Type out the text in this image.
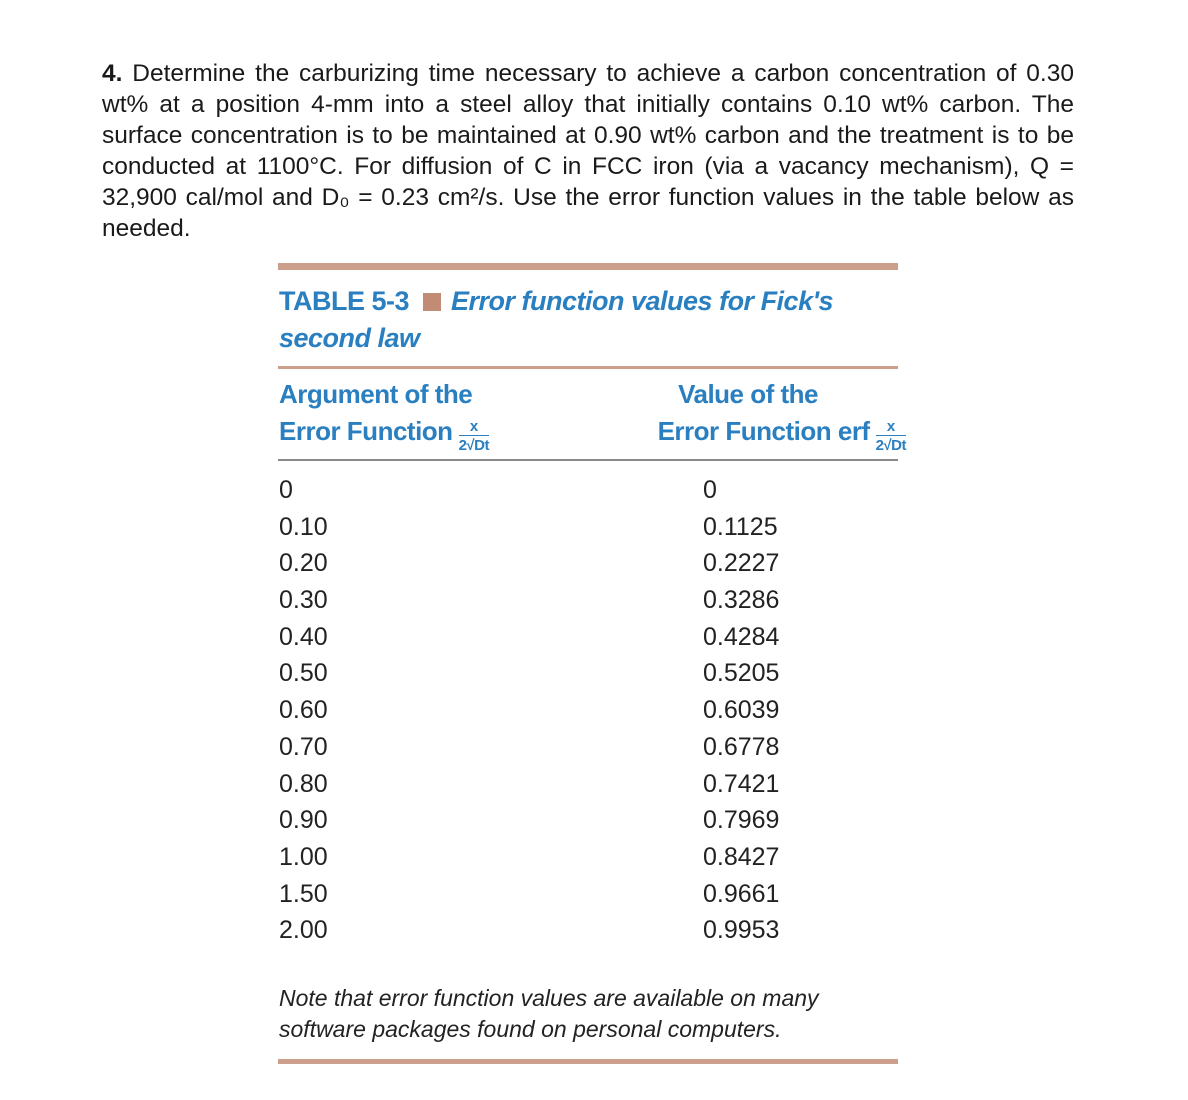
4. Determine the carburizing time necessary to achieve a carbon concentration of 0.30 wt% at a position 4-mm into a steel alloy that initially contains 0.10 wt% carbon. The surface concentration is to be maintained at 0.90 wt% carbon and the treatment is to be conducted at 1100°C. For diffusion of C in FCC iron (via a vacancy mechanism), Q = 32,900 cal/mol and D₀ = 0.23 cm²/s. Use the error function values in the table below as needed.
TABLE 5-3 Error function values for Fick's
second law
Argument of the
Error Function $\frac{x}{2√Dt}$
Value of the
Error Function erf $\frac{x}{2√Dt}$
0
0.10
0.20
0.30
0.40
0.50
0.60
0.70
0.80
0.90
1.00
1.50
2.00
0
0.1125
0.2227
0.3286
0.4284
0.5205
0.6039
0.6778
0.7421
0.7969
0.8427
0.9661
0.9953
Note that error function values are available on many software packages found on personal computers.
